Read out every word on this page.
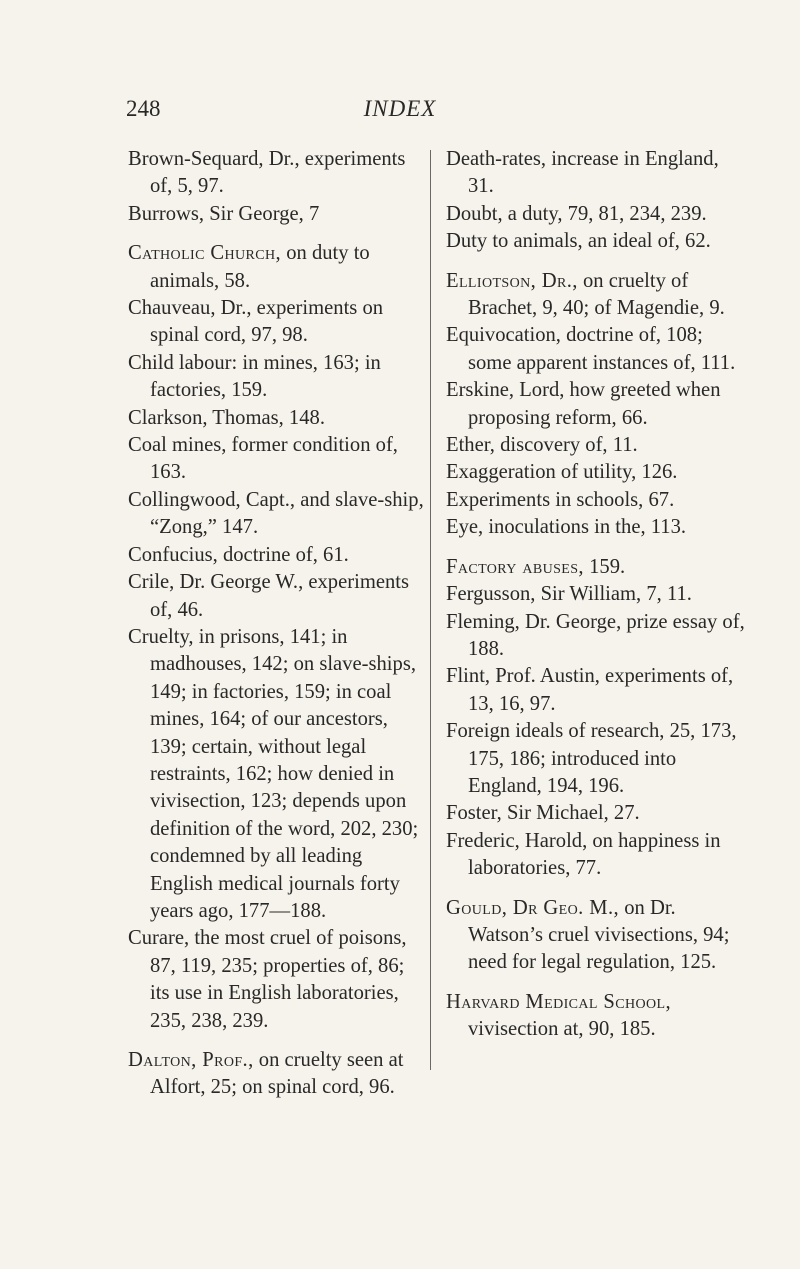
248	INDEX
Brown-Sequard, Dr., experiments of, 5, 97.
Burrows, Sir George, 7
Catholic Church, on duty to animals, 58.
Chauveau, Dr., experiments on spinal cord, 97, 98.
Child labour: in mines, 163; in factories, 159.
Clarkson, Thomas, 148.
Coal mines, former condition of, 163.
Collingwood, Capt., and slave-ship, “Zong,” 147.
Confucius, doctrine of, 61.
Crile, Dr. George W., experiments of, 46.
Cruelty, in prisons, 141; in madhouses, 142; on slave-ships, 149; in factories, 159; in coal mines, 164; of our ancestors, 139; certain, without legal restraints, 162; how denied in vivisection, 123; depends upon definition of the word, 202, 230; condemned by all leading English medical journals forty years ago, 177—188.
Curare, the most cruel of poisons, 87, 119, 235; properties of, 86; its use in English laboratories, 235, 238, 239.
Dalton, Prof., on cruelty seen at Alfort, 25; on spinal cord, 96.
Death-rates, increase in England, 31.
Doubt, a duty, 79, 81, 234, 239.
Duty to animals, an ideal of, 62.
Elliotson, Dr., on cruelty of Brachet, 9, 40; of Magendie, 9.
Equivocation, doctrine of, 108; some apparent instances of, 111.
Erskine, Lord, how greeted when proposing reform, 66.
Ether, discovery of, 11.
Exaggeration of utility, 126.
Experiments in schools, 67.
Eye, inoculations in the, 113.
Factory abuses, 159.
Fergusson, Sir William, 7, 11.
Fleming, Dr. George, prize essay of, 188.
Flint, Prof. Austin, experiments of, 13, 16, 97.
Foreign ideals of research, 25, 173, 175, 186; introduced into England, 194, 196.
Foster, Sir Michael, 27.
Frederic, Harold, on happiness in laboratories, 77.
Gould, Dr Geo. M., on Dr. Watson’s cruel vivisections, 94; need for legal regulation, 125.
Harvard Medical School, vivisection at, 90, 185.
